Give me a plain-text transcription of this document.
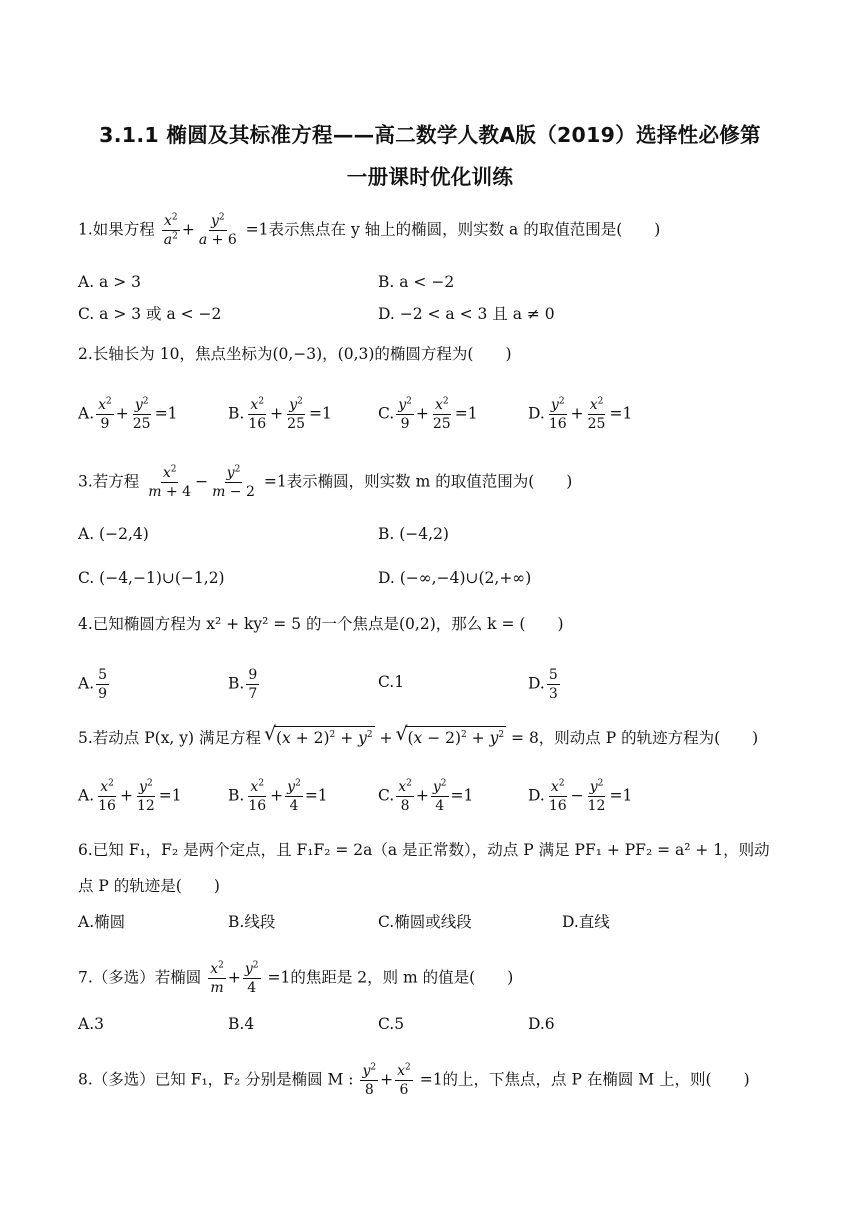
3.1.1 椭圆及其标准方程——高二数学人教A版（2019）选择性必修第
一册课时优化训练
1.如果方程 $\frac{x^2}{a^2} + \frac{y^2}{a + 6} =1$表示焦点在 y 轴上的椭圆，则实数 a 的取值范围是( )
A. a > 3	B. a < −2
C. a > 3 或 a < −2	D. −2 < a < 3 且 a ≠ 0
2.长轴长为 10，焦点坐标为(0,−3)，(0,3)的椭圆方程为( )
A. $\frac{x^2}{9} + \frac{y^2}{25} =1$	B. $\frac{x^2}{16} + \frac{y^2}{25} =1$	C. $\frac{y^2}{9} + \frac{x^2}{25} =1$	D. $\frac{y^2}{16} + \frac{x^2}{25} =1$
3.若方程 $\frac{x^2}{m + 4} - \frac{y^2}{m - 2} =1$表示椭圆，则实数 m 的取值范围为( )
A. (−2,4)	B. (−4,2)
C. (−4,−1)∪(−1,2)	D. (−∞,−4)∪(2,+∞)
4.已知椭圆方程为 x² + ky² = 5 的一个焦点是(0,2)，那么 k = ( )
A. $\frac{5}{9}$	B. $\frac{9}{7}$	C.1	D. $\frac{5}{3}$
5.若动点 P(x, y) 满足方程 √ $(x + 2)^2 + y^2$ + √ $(x - 2)^2 + y^2 = 8$，则动点 P 的轨迹方程为( )
A. $\frac{x^2}{16} + \frac{y^2}{12} =1$	B. $\frac{x^2}{16} + \frac{y^2}{4} =1$	C. $\frac{x^2}{8} + \frac{y^2}{4} =1$	D. $\frac{x^2}{16} - \frac{y^2}{12} =1$
6.已知 F₁，F₂ 是两个定点，且 F₁F₂ = 2a（a 是正常数），动点 P 满足 PF₁ + PF₂ = a² + 1，则动
点 P 的轨迹是( )
A.椭圆	B.线段	C.椭圆或线段	D.直线
7.（多选）若椭圆 $\frac{x^2}{m} + \frac{y^2}{4} =1$的焦距是 2，则 m 的值是( )
A.3	B.4	C.5	D.6
8.（多选）已知 F₁，F₂ 分别是椭圆 M : $\frac{y^2}{8} + \frac{x^2}{6} =1$的上，下焦点，点 P 在椭圆 M 上，则( )
